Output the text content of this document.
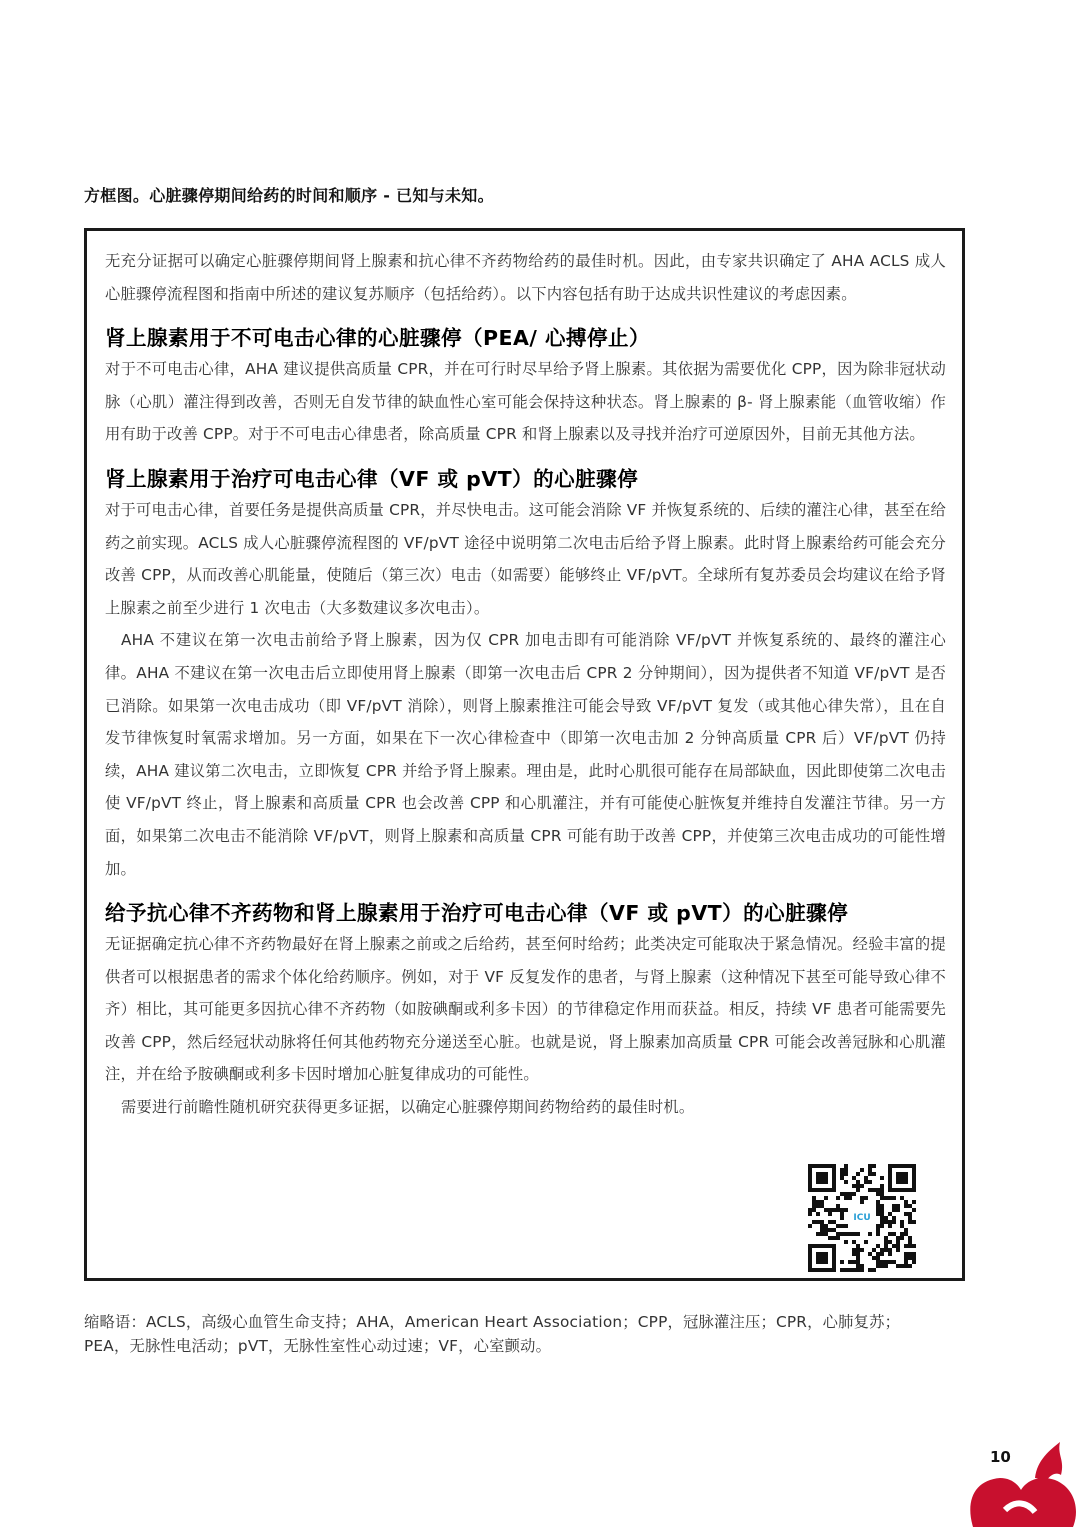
方框图。心脏骤停期间给药的时间和顺序 - 已知与未知。

无充分证据可以确定心脏骤停期间肾上腺素和抗心律不齐药物给药的最佳时机。因此，由专家共识确定了 AHA ACLS 成人心脏骤停流程图和指南中所述的建议复苏顺序（包括给药）。以下内容包括有助于达成共识性建议的考虑因素。

肾上腺素用于不可电击心律的心脏骤停（PEA/ 心搏停止）

对于不可电击心律，AHA 建议提供高质量 CPR，并在可行时尽早给予肾上腺素。其依据为需要优化 CPP，因为除非冠状动脉（心肌）灌注得到改善，否则无自发节律的缺血性心室可能会保持这种状态。肾上腺素的 β- 肾上腺素能（血管收缩）作用有助于改善 CPP。对于不可电击心律患者，除高质量 CPR 和肾上腺素以及寻找并治疗可逆原因外，目前无其他方法。

肾上腺素用于治疗可电击心律（VF 或 pVT）的心脏骤停

对于可电击心律，首要任务是提供高质量 CPR，并尽快电击。这可能会消除 VF 并恢复系统的、后续的灌注心律，甚至在给药之前实现。ACLS 成人心脏骤停流程图的 VF/pVT 途径中说明第二次电击后给予肾上腺素。此时肾上腺素给药可能会充分改善 CPP，从而改善心肌能量，使随后（第三次）电击（如需要）能够终止 VF/pVT。全球所有复苏委员会均建议在给予肾上腺素之前至少进行 1 次电击（大多数建议多次电击）。

AHA 不建议在第一次电击前给予肾上腺素，因为仅 CPR 加电击即有可能消除 VF/pVT 并恢复系统的、最终的灌注心律。AHA 不建议在第一次电击后立即使用肾上腺素（即第一次电击后 CPR 2 分钟期间），因为提供者不知道 VF/pVT 是否已消除。如果第一次电击成功（即 VF/pVT 消除），则肾上腺素推注可能会导致 VF/pVT 复发（或其他心律失常），且在自发节律恢复时氧需求增加。另一方面，如果在下一次心律检查中（即第一次电击加 2 分钟高质量 CPR 后）VF/pVT 仍持续，AHA 建议第二次电击，立即恢复 CPR 并给予肾上腺素。理由是，此时心肌很可能存在局部缺血，因此即使第二次电击使 VF/pVT 终止，肾上腺素和高质量 CPR 也会改善 CPP 和心肌灌注，并有可能使心脏恢复并维持自发灌注节律。另一方面，如果第二次电击不能消除 VF/pVT，则肾上腺素和高质量 CPR 可能有助于改善 CPP，并使第三次电击成功的可能性增加。

给予抗心律不齐药物和肾上腺素用于治疗可电击心律（VF 或 pVT）的心脏骤停

无证据确定抗心律不齐药物最好在肾上腺素之前或之后给药，甚至何时给药；此类决定可能取决于紧急情况。经验丰富的提供者可以根据患者的需求个体化给药顺序。例如，对于 VF 反复发作的患者，与肾上腺素（这种情况下甚至可能导致心律不齐）相比，其可能更多因抗心律不齐药物（如胺碘酮或利多卡因）的节律稳定作用而获益。相反，持续 VF 患者可能需要先改善 CPP，然后经冠状动脉将任何其他药物充分递送至心脏。也就是说，肾上腺素加高质量 CPR 可能会改善冠脉和心肌灌注，并在给予胺碘酮或利多卡因时增加心脏复律成功的可能性。

需要进行前瞻性随机研究获得更多证据，以确定心脏骤停期间药物给药的最佳时机。

ICU
缩略语：ACLS，高级心血管生命支持；AHA，American Heart Association；CPP，冠脉灌注压；CPR，心肺复苏；PEA，无脉性电活动；pVT，无脉性室性心动过速；VF，心室颤动。
10
